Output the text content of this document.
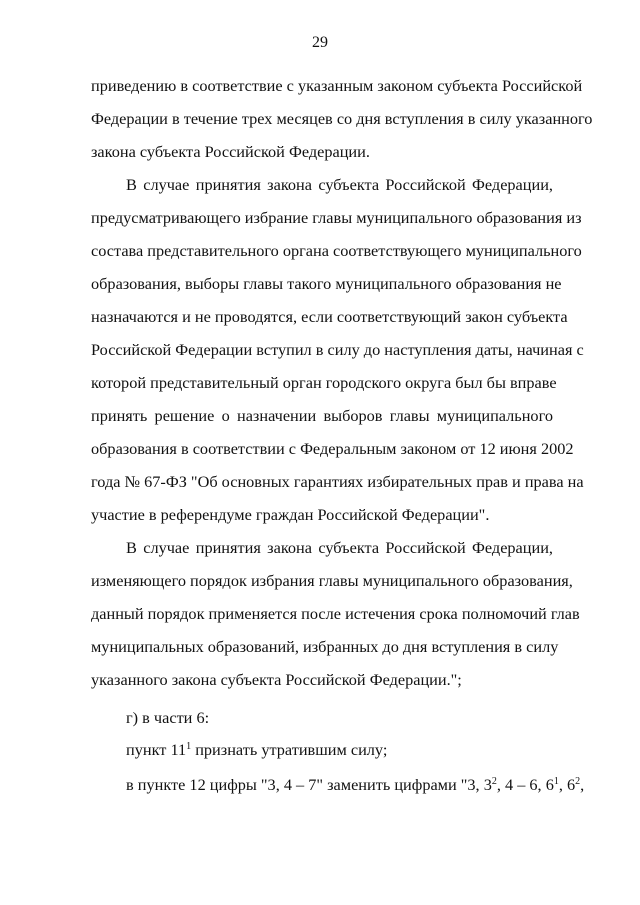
29
приведению в соответствие с указанным законом субъекта Российской
Федерации в течение трех месяцев со дня вступления в силу указанного
закона субъекта Российской Федерации.
В случае принятия закона субъекта Российской Федерации,
предусматривающего избрание главы муниципального образования из
состава представительного органа соответствующего муниципального
образования, выборы главы такого муниципального образования не
назначаются и не проводятся, если соответствующий закон субъекта
Российской Федерации вступил в силу до наступления даты, начиная с
которой представительный орган городского округа был бы вправе
принять решение о назначении выборов главы муниципального
образования в соответствии с Федеральным законом от 12 июня 2002
года № 67-ФЗ "Об основных гарантиях избирательных прав и права на
участие в референдуме граждан Российской Федерации".
В случае принятия закона субъекта Российской Федерации,
изменяющего порядок избрания главы муниципального образования,
данный порядок применяется после истечения срока полномочий глав
муниципальных образований, избранных до дня вступления в силу
указанного закона субъекта Российской Федерации.";
г) в части 6:
пункт $11^1$ признать утратившим силу;
в пункте 12 цифры "3, 4 – 7" заменить цифрами "3, $3^2$, 4 – 6, $6^1$, $6^2$,
